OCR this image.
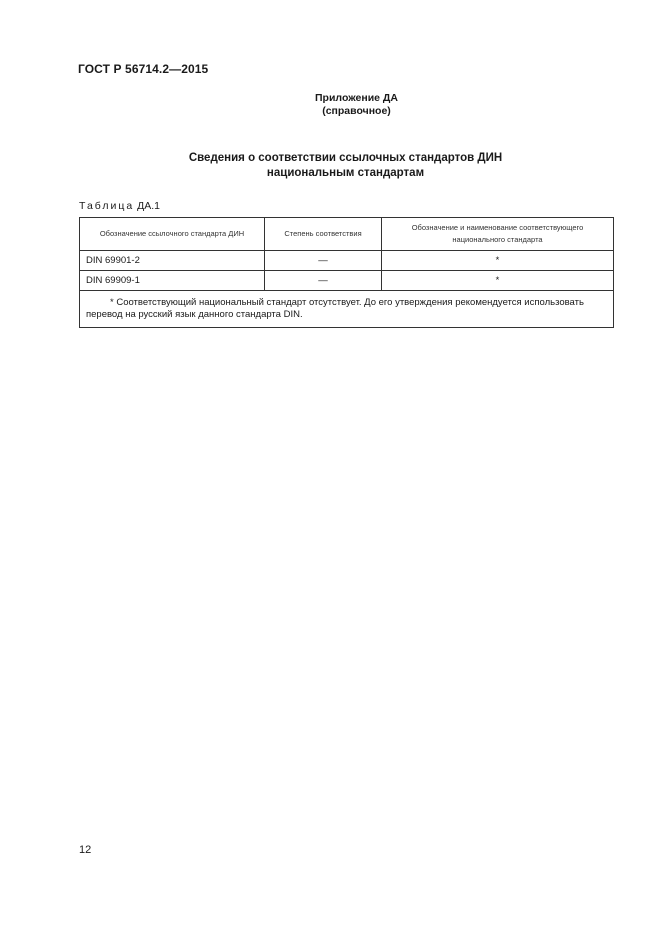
ГОСТ Р 56714.2—2015
Приложение ДА
(справочное)
Сведения о соответствии ссылочных стандартов ДИН
национальным стандартам
Таблица ДА.1
Обозначение ссылочного стандарта ДИН	Степень соответствия	Обозначение и наименование соответствующего национального стандарта
DIN 69901-2	—	*
DIN 69909-1	—	*
* Соответствующий национальный стандарт отсутствует. До его утверждения рекомендуется использовать перевод на русский язык данного стандарта DIN.		
12
